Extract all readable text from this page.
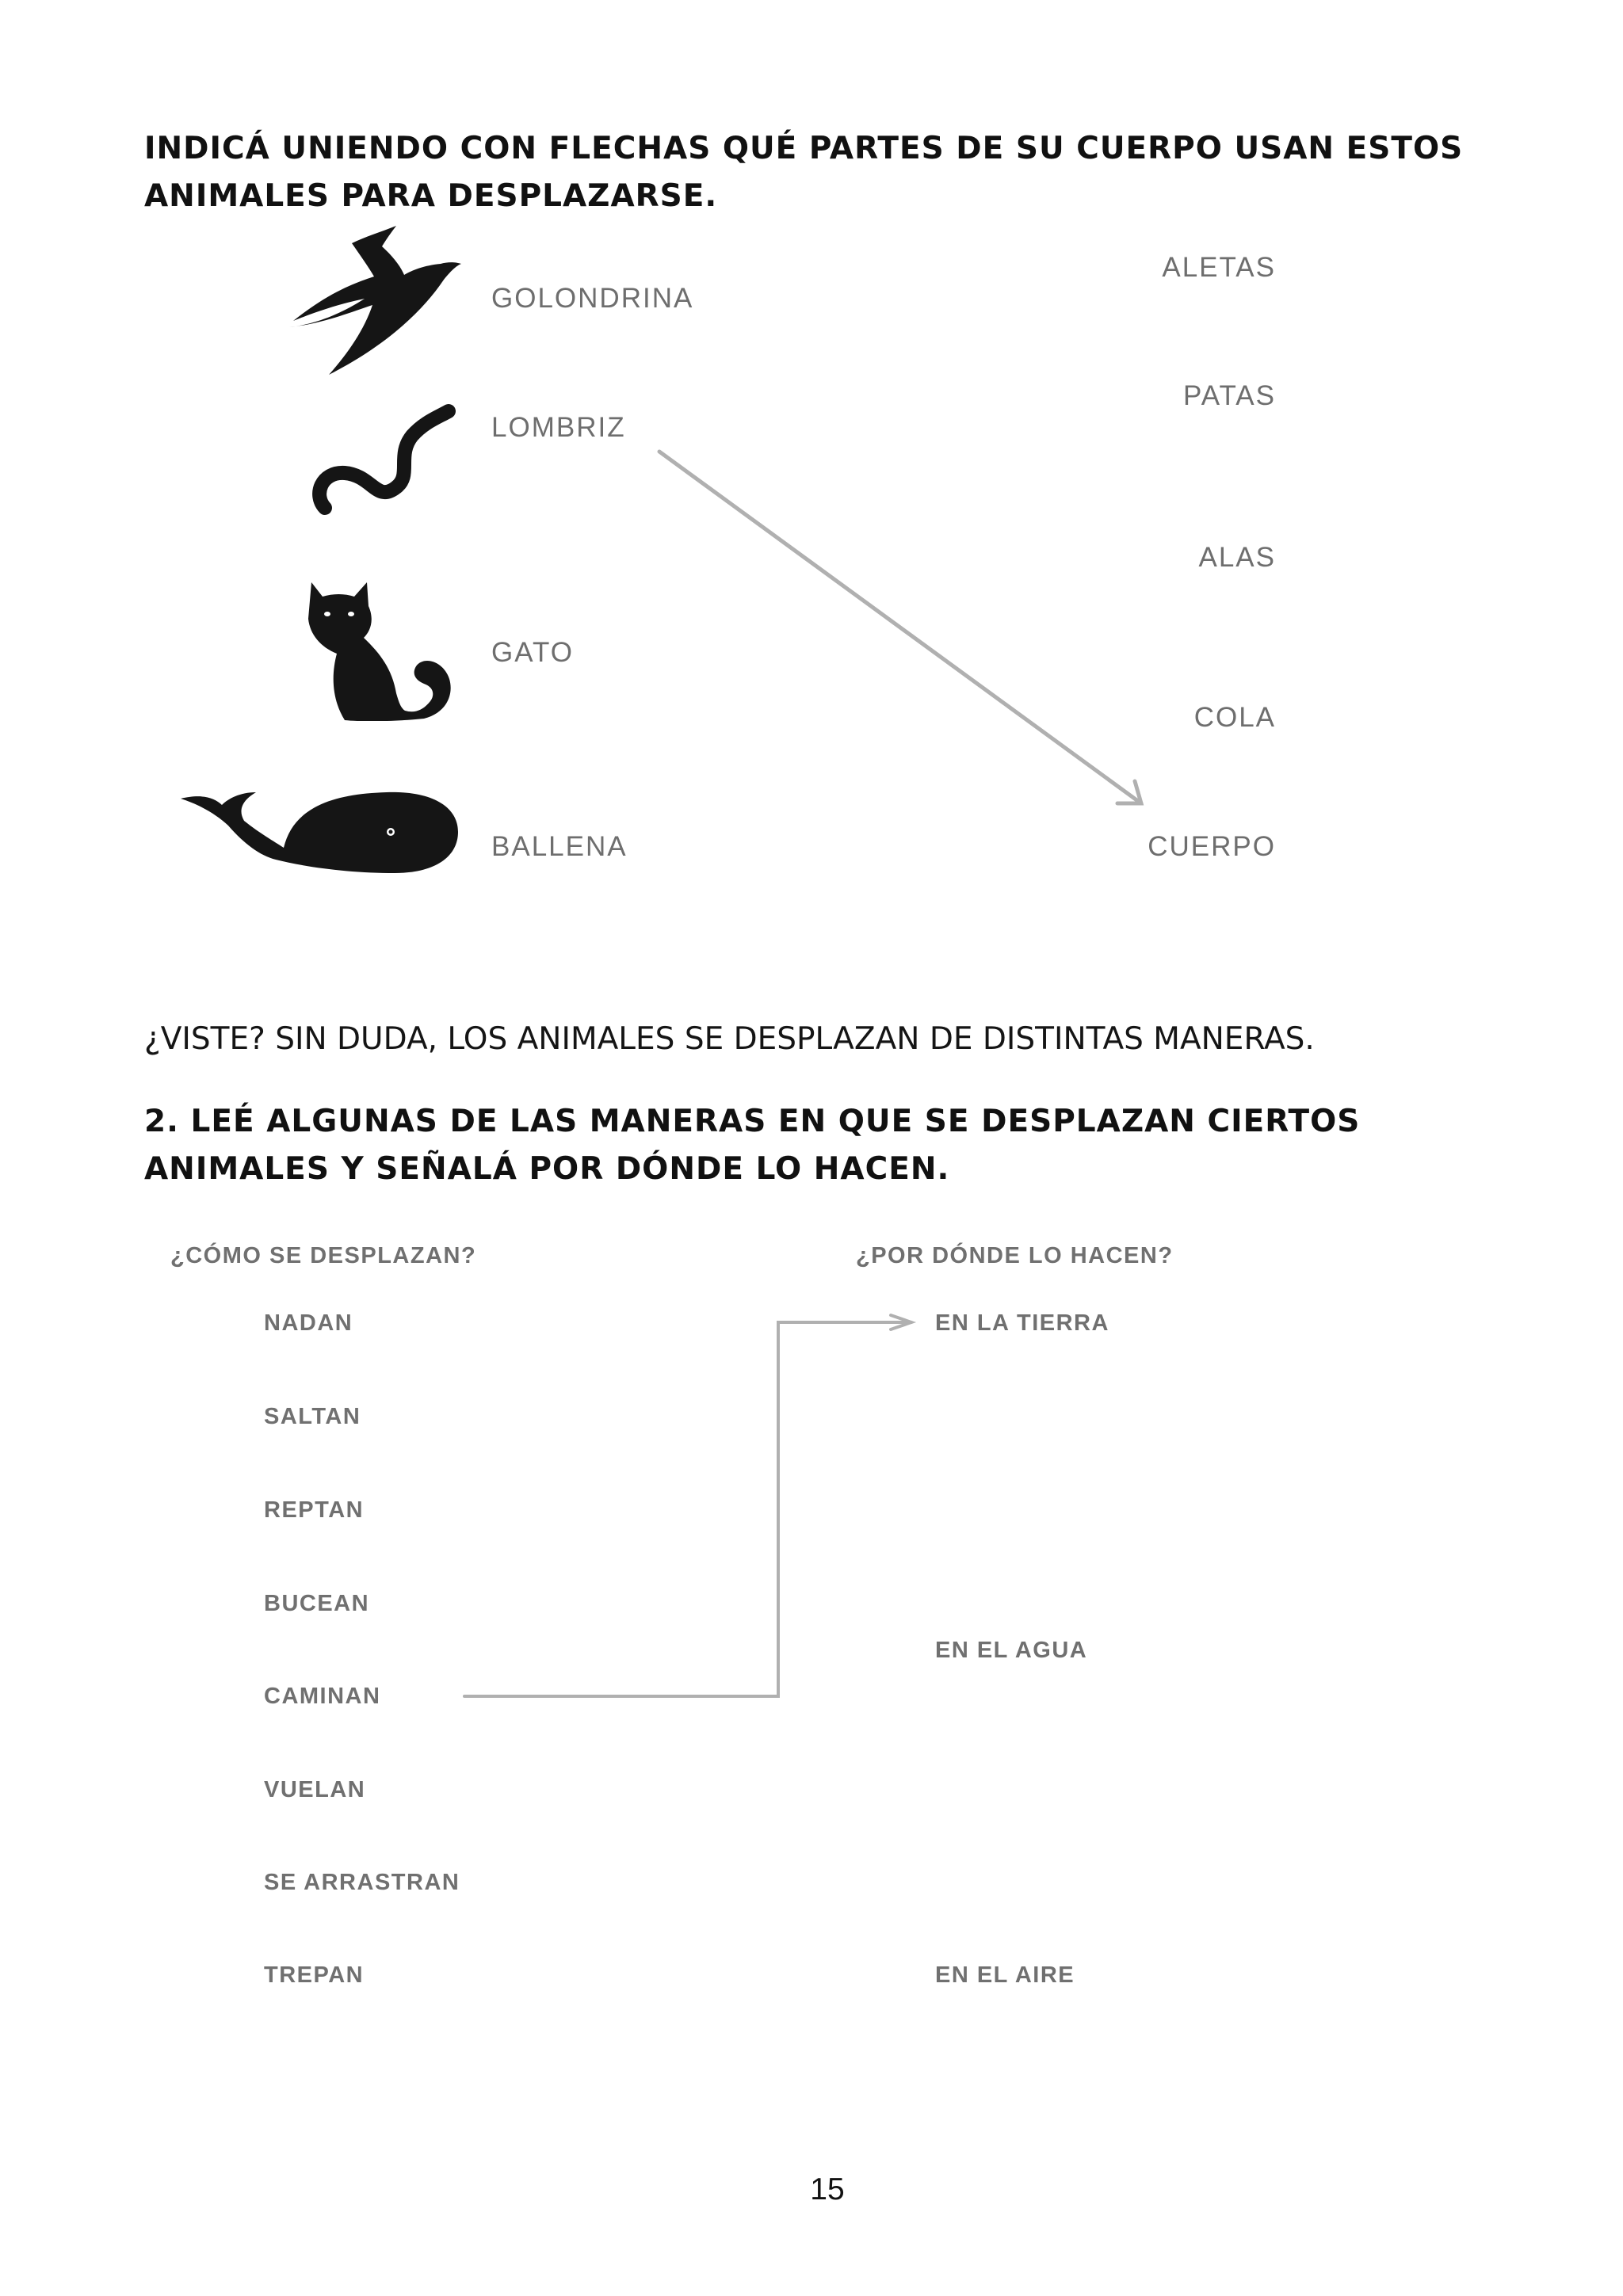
INDICÁ UNIENDO CON FLECHAS QUÉ PARTES DE SU CUERPO USAN ESTOS
ANIMALES PARA DESPLAZARSE.
GOLONDRINA
LOMBRIZ
GATO
BALLENA
ALETAS
PATAS
ALAS
COLA
CUERPO
¿VISTE? SIN DUDA, LOS ANIMALES SE DESPLAZAN DE DISTINTAS MANERAS.
2. LEÉ ALGUNAS DE LAS MANERAS EN QUE SE DESPLAZAN CIERTOS
ANIMALES Y SEÑALÁ POR DÓNDE LO HACEN.
¿CÓMO SE DESPLAZAN?	¿POR DÓNDE LO HACEN?
NADAN
SALTAN
REPTAN
BUCEAN
CAMINAN
VUELAN
SE ARRASTRAN
TREPAN
EN LA TIERRA
EN EL AGUA
EN EL AIRE
15
